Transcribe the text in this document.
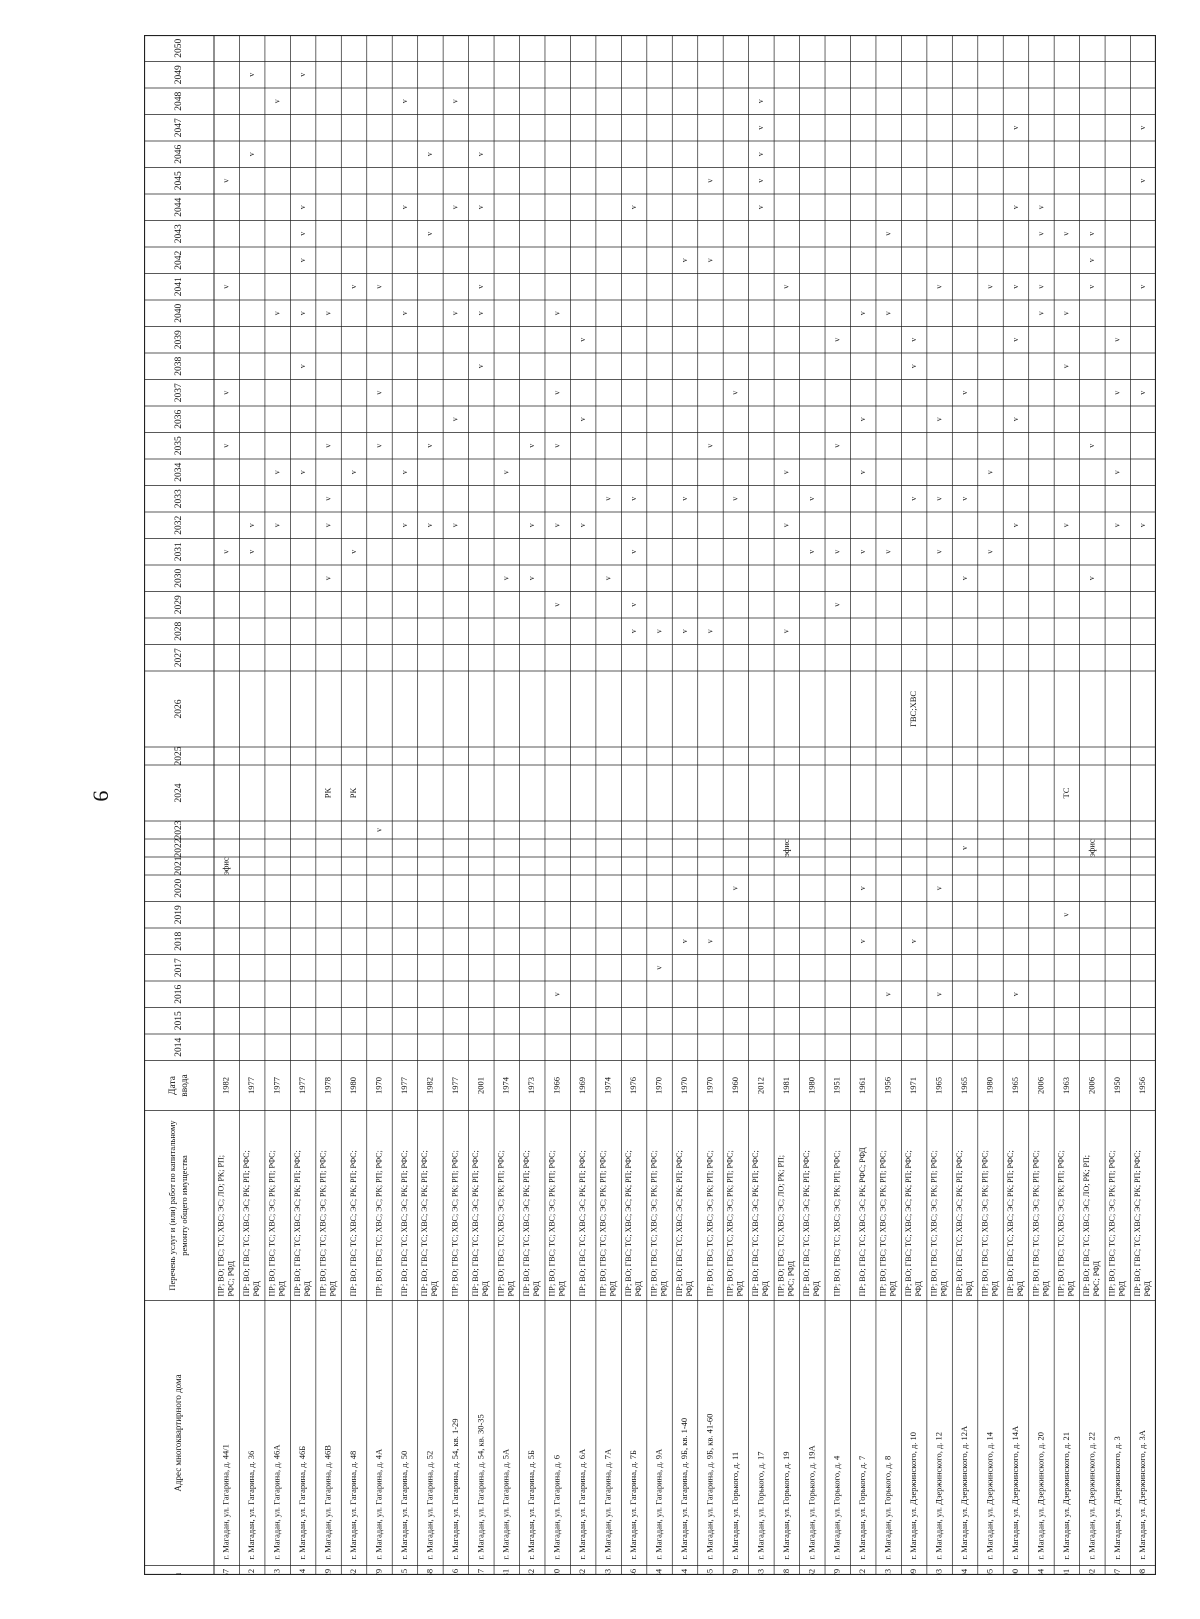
9
2050
2049
2048
2047
2046
2045
2044
2043
2042
2041
2040
2039
2038
2037
2036
2035
2034
2033
2032
2031
2030
2029
2028
2027
2026
2025
2024
2023
2022
2021
2020
2019
2018
2017
2016
2015
2014
Дата ввода
Перечень услуг и (или) работ по капитальному ремонту общего имущества
Адрес многоквартирного дома
г. Магадан, ул. Гагарина, д. 44/1
ПР; ВО; ГВС; ТС; ХВС; ЭС; ЛО; РК; РП; РФС; РФД
1982
эфис
v
v
v
v
v
г. Магадан, ул. Гагарина, д. 36
ПР; ВО; ГВС; ТС; ХВС; ЭС; РК; РП; РФС; РФД
1977
v
v
v
v
г. Магадан, ул. Гагарина, д. 46А
ПР; ВО; ГВС; ТС; ХВС; ЭС; РК; РП; РФС; РФД
1977
v
v
v
v
г. Магадан, ул. Гагарина, д. 46Б
ПР; ВО; ГВС; ТС; ХВС; ЭС; РК; РП; РФС; РФД
1977
v
v
v
v
v
v
v
г. Магадан, ул. Гагарина, д. 46В
ПР; ВО; ГВС; ТС; ХВС; ЭС; РК; РП; РФС; РФД
1978
РК
v
v
v
v
v
г. Магадан, ул. Гагарина, д. 48
ПР; ВО; ГВС; ТС; ХВС; ЭС; РК; РП; РФС;
1980
РК
v
v
v
г. Магадан, ул. Гагарина, д. 4А
ПР; ВО; ГВС; ТС; ХВС; ЭС; РК; РП; РФС;
1970
v
v
v
v
г. Магадан, ул. Гагарина, д. 50
ПР; ВО; ГВС; ТС; ХВС; ЭС; РК; РП; РФС;
1977
v
v
v
v
v
г. Магадан, ул. Гагарина, д. 52
ПР; ВО; ГВС; ТС; ХВС; ЭС; РК; РП; РФС; РФД
1982
v
v
v
v
г. Магадан, ул. Гагарина, д. 54, кв. 1-29
ПР; ВО; ГВС; ТС; ХВС; ЭС; РК; РП; РФС;
1977
v
v
v
v
v
г. Магадан, ул. Гагарина, д. 54, кв. 30-35
ПР; ВО; ГВС; ТС; ХВС; ЭС; РК; РП; РФС; РФД
2001
v
v
v
v
v
г. Магадан, ул. Гагарина, д. 5А
ПР; ВО; ГВС; ТС; ХВС; ЭС; РК; РП; РФС; РФД
1974
v
v
г. Магадан, ул. Гагарина, д. 5Б
ПР; ВО; ГВС; ТС; ХВС; ЭС; РК; РП; РФС; РФД
1973
v
v
v
г. Магадан, ул. Гагарина, д. 6
ПР; ВО; ГВС; ТС; ХВС; ЭС; РК; РП; РФС; РФД
1966
v
v
v
v
v
v
г. Магадан, ул. Гагарина, д. 6А
ПР; ВО; ГВС; ТС; ХВС; ЭС; РК; РП; РФС;
1969
v
v
v
г. Магадан, ул. Гагарина, д. 7А
ПР; ВО; ГВС; ТС; ХВС; ЭС; РК; РП; РФС; РФД
1974
v
v
г. Магадан, ул. Гагарина, д. 7Б
ПР; ВО; ГВС; ТС; ХВС; ЭС; РК; РП; РФС; РФД
1976
v
v
v
v
v
г. Магадан, ул. Гагарина, д. 9А
ПР; ВО; ГВС; ТС; ХВС; ЭС; РК; РП; РФС; РФД
1970
v
v
г. Магадан, ул. Гагарина, д. 9Б, кв. 1-40
ПР; ВО; ГВС; ТС; ХВС; ЭС; РК; РП; РФС; РФД
1970
v
v
v
v
г. Магадан, ул. Гагарина, д. 9Б, кв. 41-60
ПР; ВО; ГВС; ТС; ХВС; ЭС; РК; РП; РФС;
1970
v
v
v
v
v
г. Магадан, ул. Горького, д. 11
ПР; ВО; ГВС; ТС; ХВС; ЭС; РК; РП; РФС; РФД
1960
v
v
v
г. Магадан, ул. Горького, д. 17
ПР; ВО; ГВС; ТС; ХВС; ЭС; РК; РП; РФС; РФД
2012
v
v
v
v
v
г. Магадан, ул. Горького, д. 19
ПР; ВО; ГВС; ТС; ХВС; ЭС; ЛО; РК; РП; РФС; РФД
1981
эфис
v
v
v
v
г. Магадан, ул. Горького, д. 19А
ПР; ВО; ГВС; ТС; ХВС; ЭС; РК; РП; РФС; РФД
1980
v
v
г. Магадан, ул. Горького, д. 4
ПР; ВО; ГВС; ТС; ХВС; ЭС; РК; РП; РФС;
1951
v
v
v
v
г. Магадан, ул. Горького, д. 7
ПР; ВО; ГВС; ТС; ХВС; ЭС; РК; РФС; РФД
1961
v
v
v
v
v
v
г. Магадан, ул. Горького, д. 8
ПР; ВО; ГВС; ТС; ХВС; ЭС; РК; РП; РФС; РФД
1956
v
v
v
v
г. Магадан, ул. Дзержинского, д. 10
ПР; ВО; ГВС; ТС; ХВС; ЭС; РК; РП; РФС; РФД
1971
v
ГВС;ХВС
v
v
v
г. Магадан, ул. Дзержинского, д. 12
ПР; ВО; ГВС; ТС; ХВС; ЭС; РК; РП; РФС; РФД
1965
v
v
v
v
v
v
г. Магадан, ул. Дзержинского, д. 12А
ПР; ВО; ГВС; ТС; ХВС; ЭС; РК; РП; РФС; РФД
1965
v
v
v
v
г. Магадан, ул. Дзержинского, д. 14
ПР; ВО; ГВС; ТС; ХВС; ЭС; РК; РП; РФС; РФД
1980
v
v
v
г. Магадан, ул. Дзержинского, д. 14А
ПР; ВО; ГВС; ТС; ХВС; ЭС; РК; РП; РФС; РФД
1965
v
v
v
v
v
v
v
г. Магадан, ул. Дзержинского, д. 20
ПР; ВО; ГВС; ТС; ХВС; ЭС; РК; РП; РФС; РФД
2006
v
v
v
v
г. Магадан, ул. Дзержинского, д. 21
ПР; ВО; ГВС; ТС; ХВС; ЭС; РК; РП; РФС; РФД
1963
v
ТС
v
v
v
v
г. Магадан, ул. Дзержинского, д. 22
ПР; ВО; ГВС; ТС; ХВС; ЭС; ЛО; РК; РП; РФС; РФД
2006
эфис
v
v
v
v
v
г. Магадан, ул. Дзержинского, д. 3
ПР; ВО; ГВС; ТС; ХВС; ЭС; РК; РП; РФС; РФД
1950
v
v
v
v
г. Магадан, ул. Дзержинского, д. 3А
ПР; ВО; ГВС; ТС; ХВС; ЭС; РК; РП; РФС; РФД
1956
v
v
v
v
v
